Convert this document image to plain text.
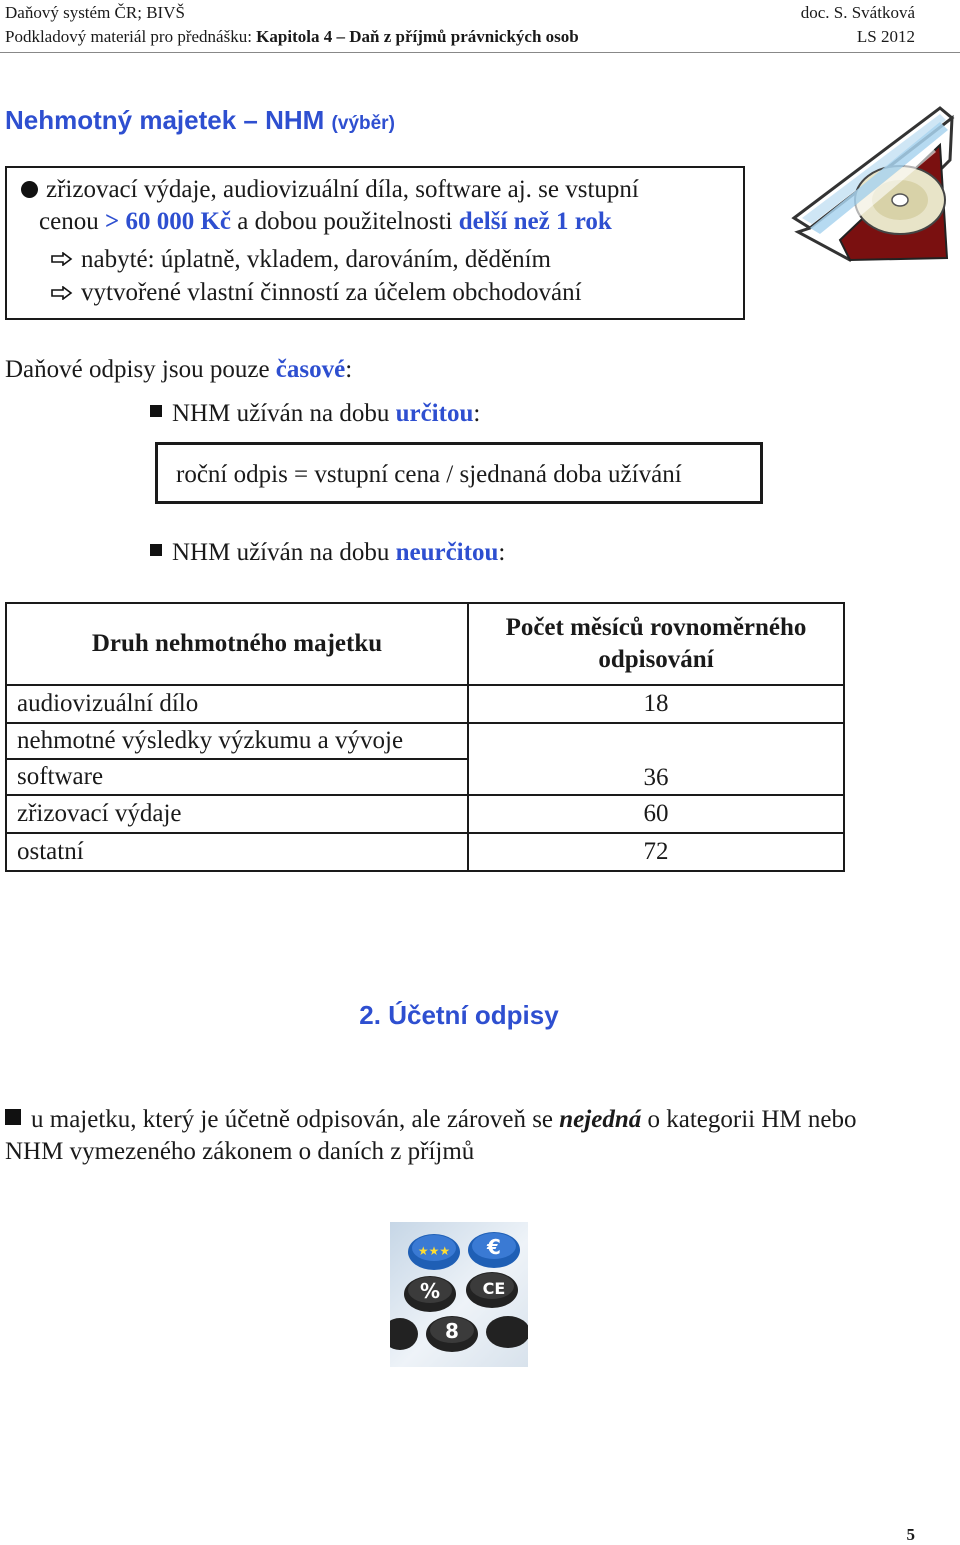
Daňový systém ČR; BIVŠ
Podkladový materiál pro přednášku: Kapitola 4 – Daň z příjmů právnických osob
doc. S. Svátková
LS 2012
Nehmotný majetek – NHM (výběr)
zřizovací výdaje, audiovizuální díla, software aj. se vstupní
cenou > 60 000 Kč a dobou použitelnosti delší než 1 rok
nabyté: úplatně, vkladem, darováním, děděním
vytvořené vlastní činností za účelem obchodování
Daňové odpisy jsou pouze časové:
NHM užíván na dobu určitou:
roční odpis = vstupní cena / sjednaná doba užívání
NHM užíván na dobu neurčitou:
Druh nehmotného majetku	Počet měsíců rovnoměrného odpisování
audiovizuální dílo	18
nehmotné výsledky výzkumu a vývoje	36
software	
zřizovací výdaje	60
ostatní	72
2. Účetní odpisy
u majetku, který je účetně odpisován, ale zároveň se nejedná o kategorii HM nebo NHM vymezeného zákonem o daních z příjmů
★★★ €
%	CE
8
5
